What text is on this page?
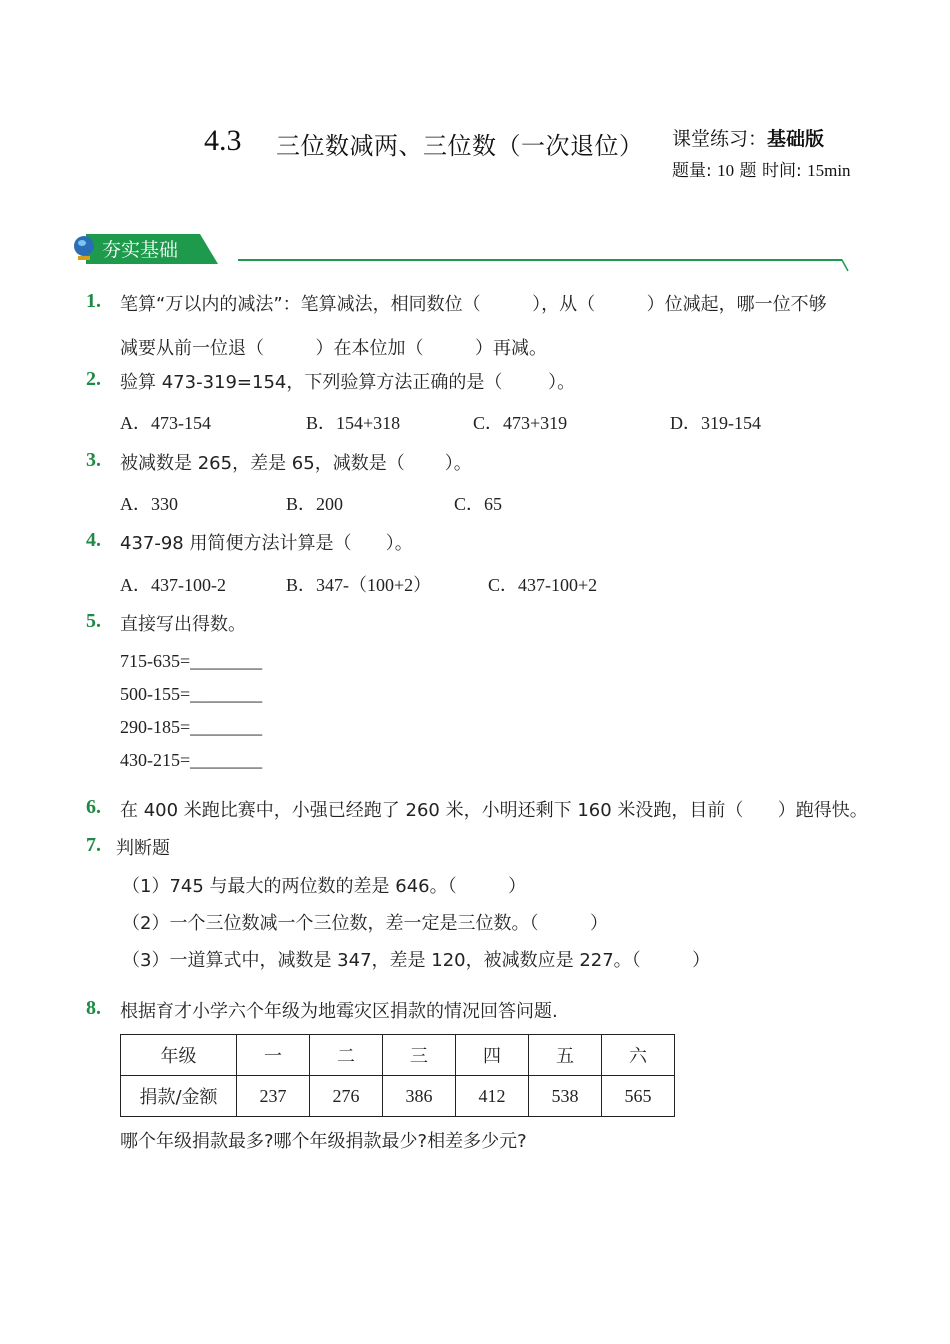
4.3 三位数减两、三位数（一次退位） 课堂练习：基础版
题量: 10 题 时间: 15min
夯实基础
1. 笔算“万以内的减法”：笔算减法，相同数位（         ），从（         ）位减起，哪一位不够
减要从前一位退（         ）在本位加（         ）再减。
2. 验算 473-319=154，下列验算方法正确的是（        ）。
A．473-154	B．154+318	C．473+319	D．319-154
3. 被减数是 265，差是 65，减数是（       ）。
A．330	B．200	C．65
4. 437-98 用简便方法计算是（      ）。
A．437-100-2	B．347-（100+2）	C．437-100+2
5. 直接写出得数。
715-635=________
500-155=________
290-185=________
430-215=________
6. 在 400 米跑比赛中，小强已经跑了 260 米，小明还剩下 160 米没跑，目前（      ）跑得快。
7. 判断题
（1）745 与最大的两位数的差是 646。（         ）
（2）一个三位数减一个三位数，差一定是三位数。（         ）
（3）一道算式中，减数是 347，差是 120，被减数应是 227。（         ）
8. 根据育才小学六个年级为地霉灾区捐款的情况回答问题.
年级	一	二	三	四	五	六
捐款/金额	237	276	386	412	538	565
哪个年级捐款最多?哪个年级捐款最少?相差多少元?
